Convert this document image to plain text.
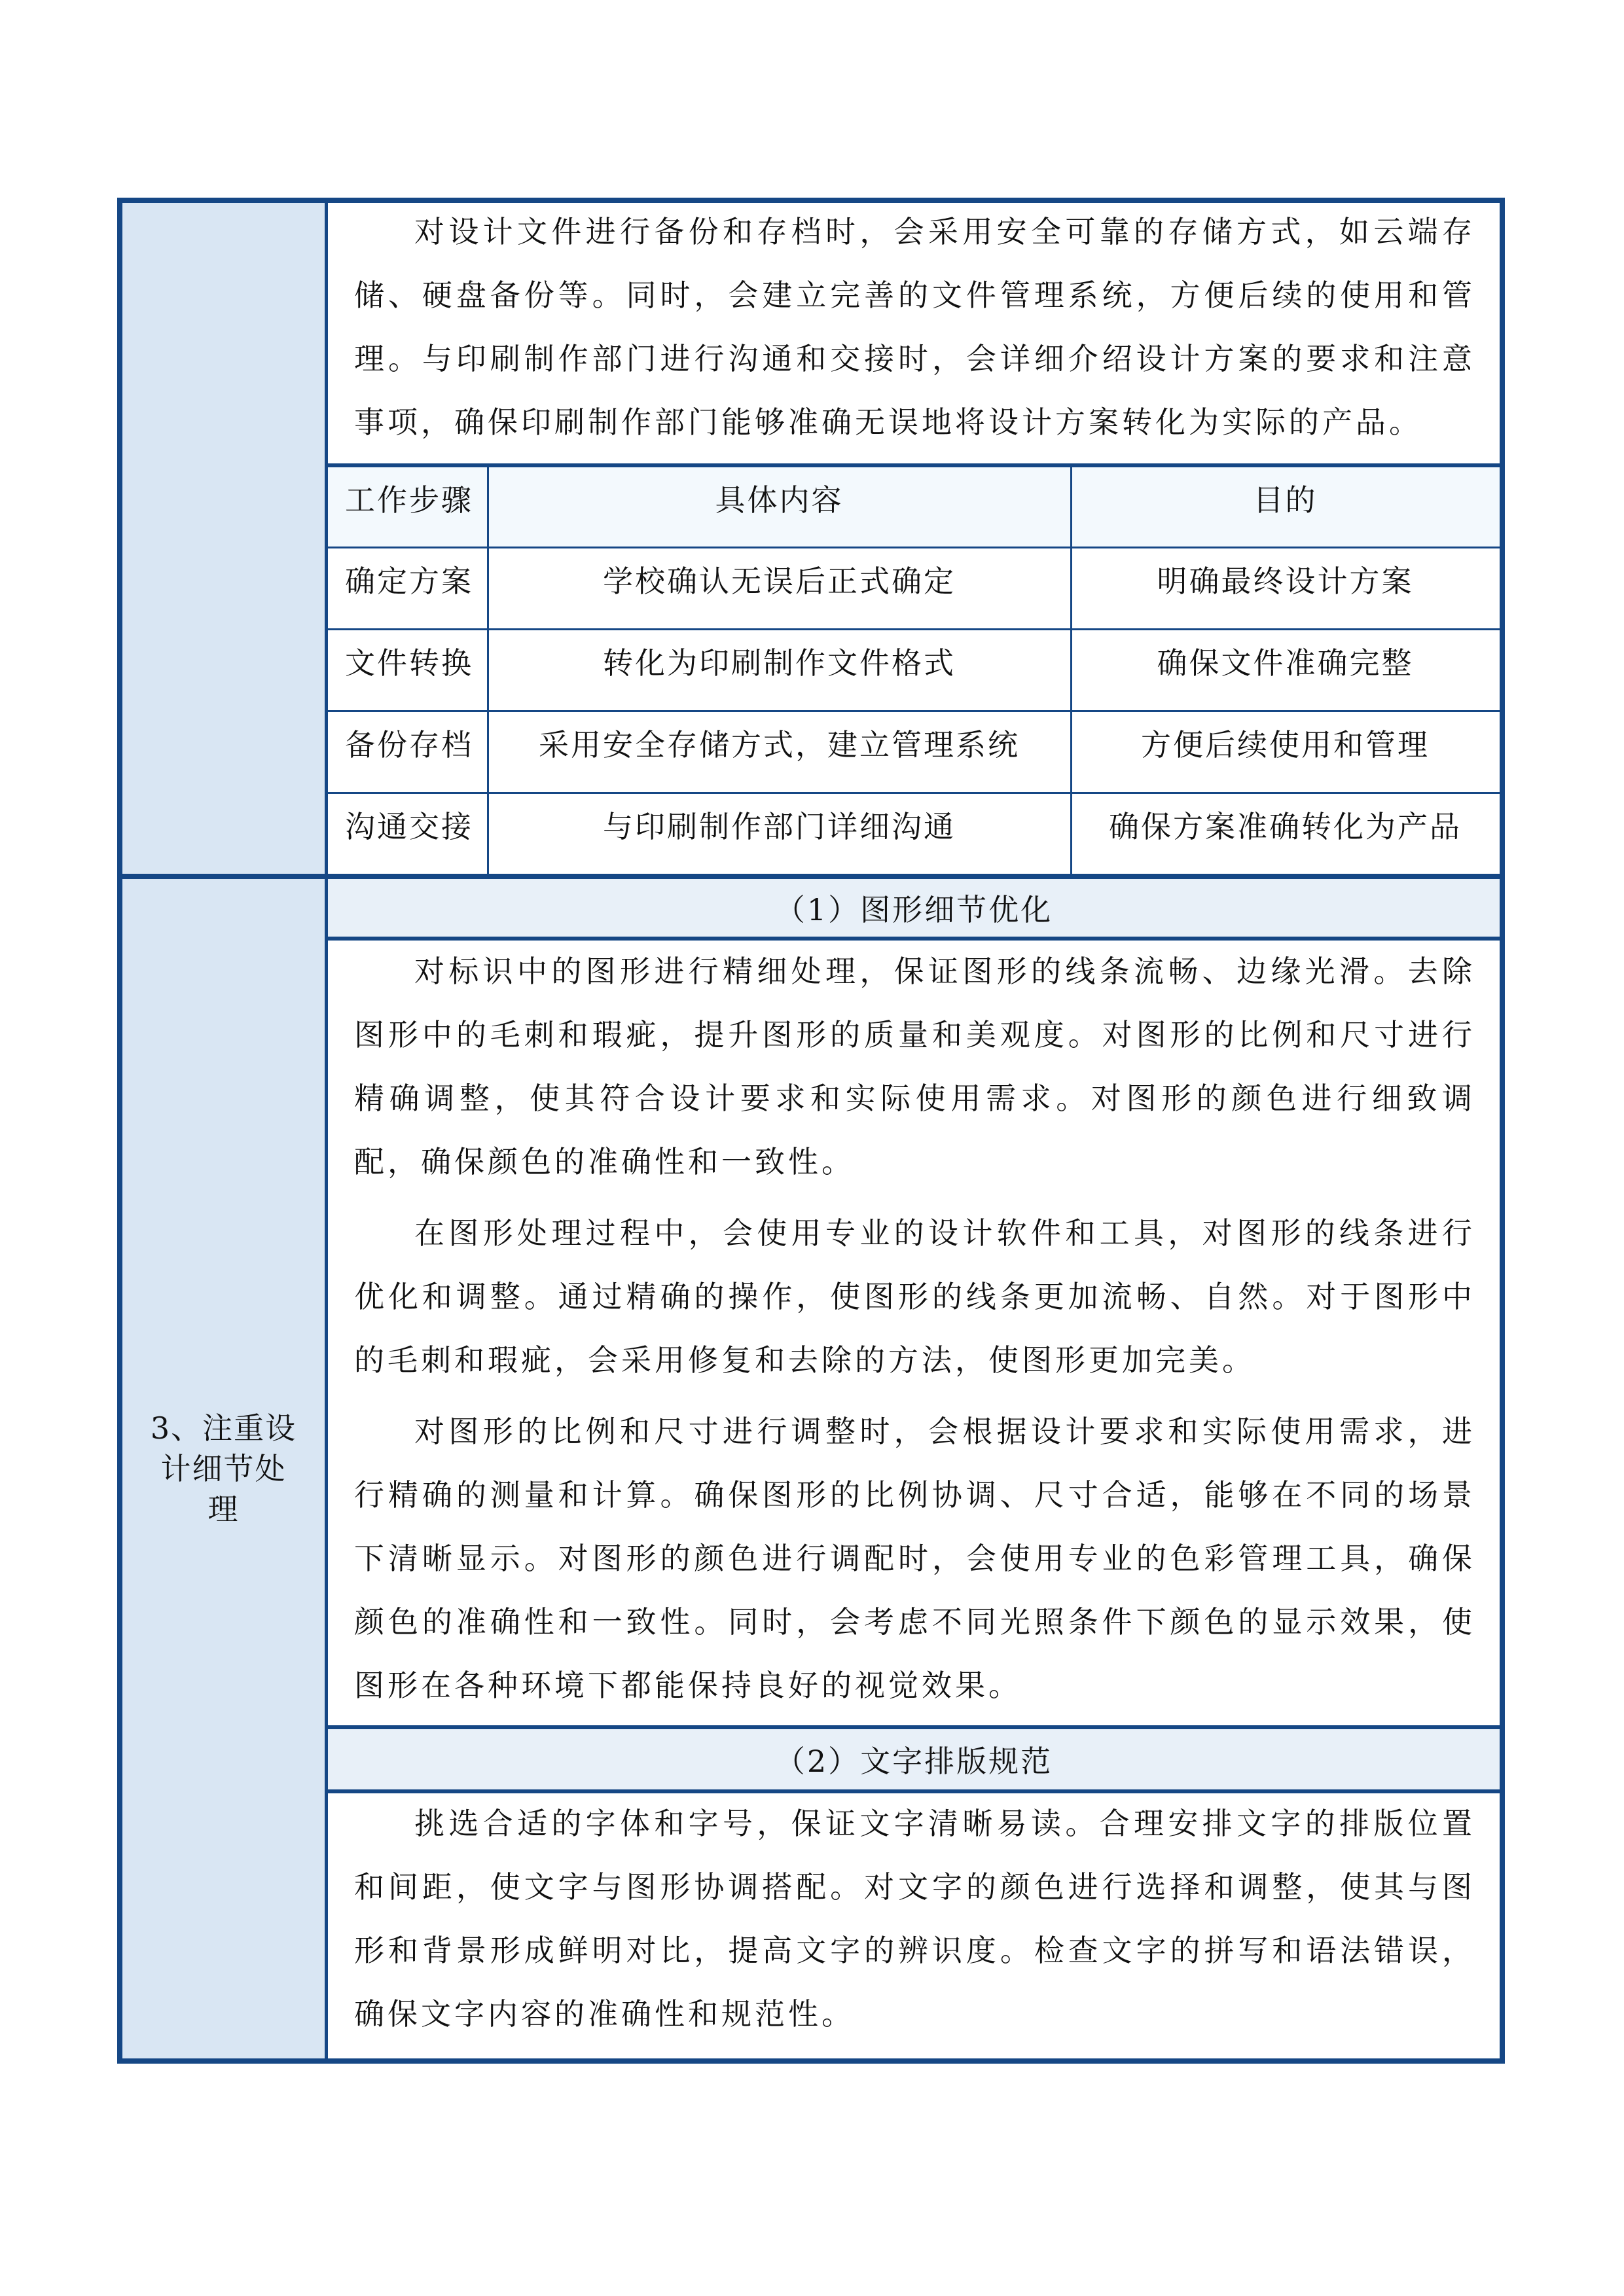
3、注重设计细节处理

对设计文件进行备份和存档时，会采用安全可靠的存储方式，如云端存储、硬盘备份等。同时，会建立完善的文件管理系统，方便后续的使用和管理。与印刷制作部门进行沟通和交接时，会详细介绍设计方案的要求和注意事项，确保印刷制作部门能够准确无误地将设计方案转化为实际的产品。

工作步骤	具体内容	目的
确定方案	学校确认无误后正式确定	明确最终设计方案
文件转换	转化为印刷制作文件格式	确保文件准确完整
备份存档	采用安全存储方式，建立管理系统	方便后续使用和管理
沟通交接	与印刷制作部门详细沟通	确保方案准确转化为产品
（1）图形细节优化

对标识中的图形进行精细处理，保证图形的线条流畅、边缘光滑。去除图形中的毛刺和瑕疵，提升图形的质量和美观度。对图形的比例和尺寸进行精确调整，使其符合设计要求和实际使用需求。对图形的颜色进行细致调配，确保颜色的准确性和一致性。

在图形处理过程中，会使用专业的设计软件和工具，对图形的线条进行优化和调整。通过精确的操作，使图形的线条更加流畅、自然。对于图形中的毛刺和瑕疵，会采用修复和去除的方法，使图形更加完美。

对图形的比例和尺寸进行调整时，会根据设计要求和实际使用需求，进行精确的测量和计算。确保图形的比例协调、尺寸合适，能够在不同的场景下清晰显示。对图形的颜色进行调配时，会使用专业的色彩管理工具，确保颜色的准确性和一致性。同时，会考虑不同光照条件下颜色的显示效果，使图形在各种环境下都能保持良好的视觉效果。

（2）文字排版规范

挑选合适的字体和字号，保证文字清晰易读。合理安排文字的排版位置和间距，使文字与图形协调搭配。对文字的颜色进行选择和调整，使其与图形和背景形成鲜明对比，提高文字的辨识度。检查文字的拼写和语法错误，确保文字内容的准确性和规范性。
